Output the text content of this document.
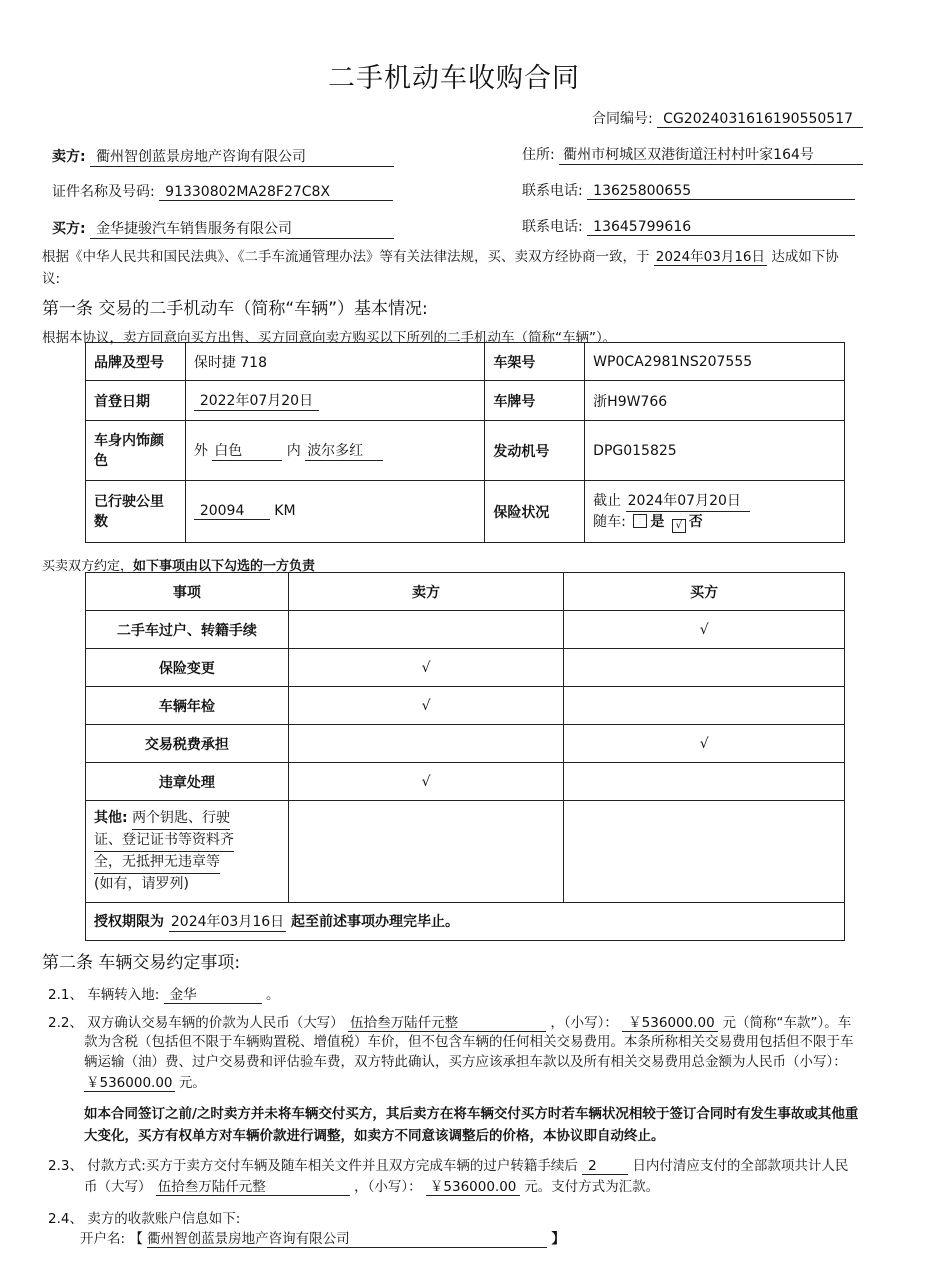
二手机动车收购合同
合同编号: CG2024031616190550517
卖方: 衢州智创蓝景房地产咨询有限公司	住所: 衢州市柯城区双港街道汪村村叶家164号
证件名称及号码: 91330802MA28F27C8X	联系电话: 13625800655
买方: 金华捷骏汽车销售服务有限公司	联系电话: 13645799616
根据《中华人民共和国民法典》、《二手车流通管理办法》等有关法律法规，买、卖双方经协商一致，于 2024年03月16日 达成如下协
议:
第一条 交易的二手机动车（简称“车辆”）基本情况:
根据本协议，卖方同意向买方出售、买方同意向卖方购买以下所列的二手机动车（简称“车辆”）。
品牌及型号	保时捷 718	车架号	WP0CA2981NS207555
首登日期	2022年07月20日	车牌号	浙H9W766
车身内饰颜
色	外 白色 内 波尔多红	发动机号	DPG015825
已行驶公里
数	20094 KM	保险状况	截止 2024年07月20日
随车: 是 √ 否
买卖双方约定，如下事项由以下勾选的一方负责
事项	卖方	买方
二手车过户、转籍手续		√
保险变更	√	
车辆年检	√	
交易税费承担		√
违章处理	√	
其他: 两个钥匙、行驶
证、登记证书等资料齐
全，无抵押无违章等
(如有，请罗列)		
授权期限为 2024年03月16日 起至前述事项办理完毕止。		
第二条 车辆交易约定事项:
2.1、 车辆转入地: 金华	。
2.2、 双方确认交易车辆的价款为人民币（大写） 伍拾叁万陆仟元整	，（小写）： ￥536000.00 元（简称“车款”）。车
款为含税（包括但不限于车辆购置税、增值税）车价，但不包含车辆的任何相关交易费用。本条所称相关交易费用包括但不限于车
辆运输（油）费、过户交易费和评估验车费，双方特此确认，买方应该承担车款以及所有相关交易费用总金额为人民币（小写）：
￥536000.00 元。
如本合同签订之前/之时卖方并未将车辆交付买方，其后卖方在将车辆交付买方时若车辆状况相较于签订合同时有发生事故或其他重
大变化，买方有权单方对车辆价款进行调整，如卖方不同意该调整后的价格，本协议即自动终止。
2.3、 付款方式:买方于卖方交付车辆及随车相关文件并且双方完成车辆的过户转籍手续后 2	日内付清应支付的全部款项共计人民
币（大写） 伍拾叁万陆仟元整	，（小写）： ￥536000.00 元。支付方式为汇款。
2.4、 卖方的收款账户信息如下:
开户名: 【 衢州智创蓝景房地产咨询有限公司	】
